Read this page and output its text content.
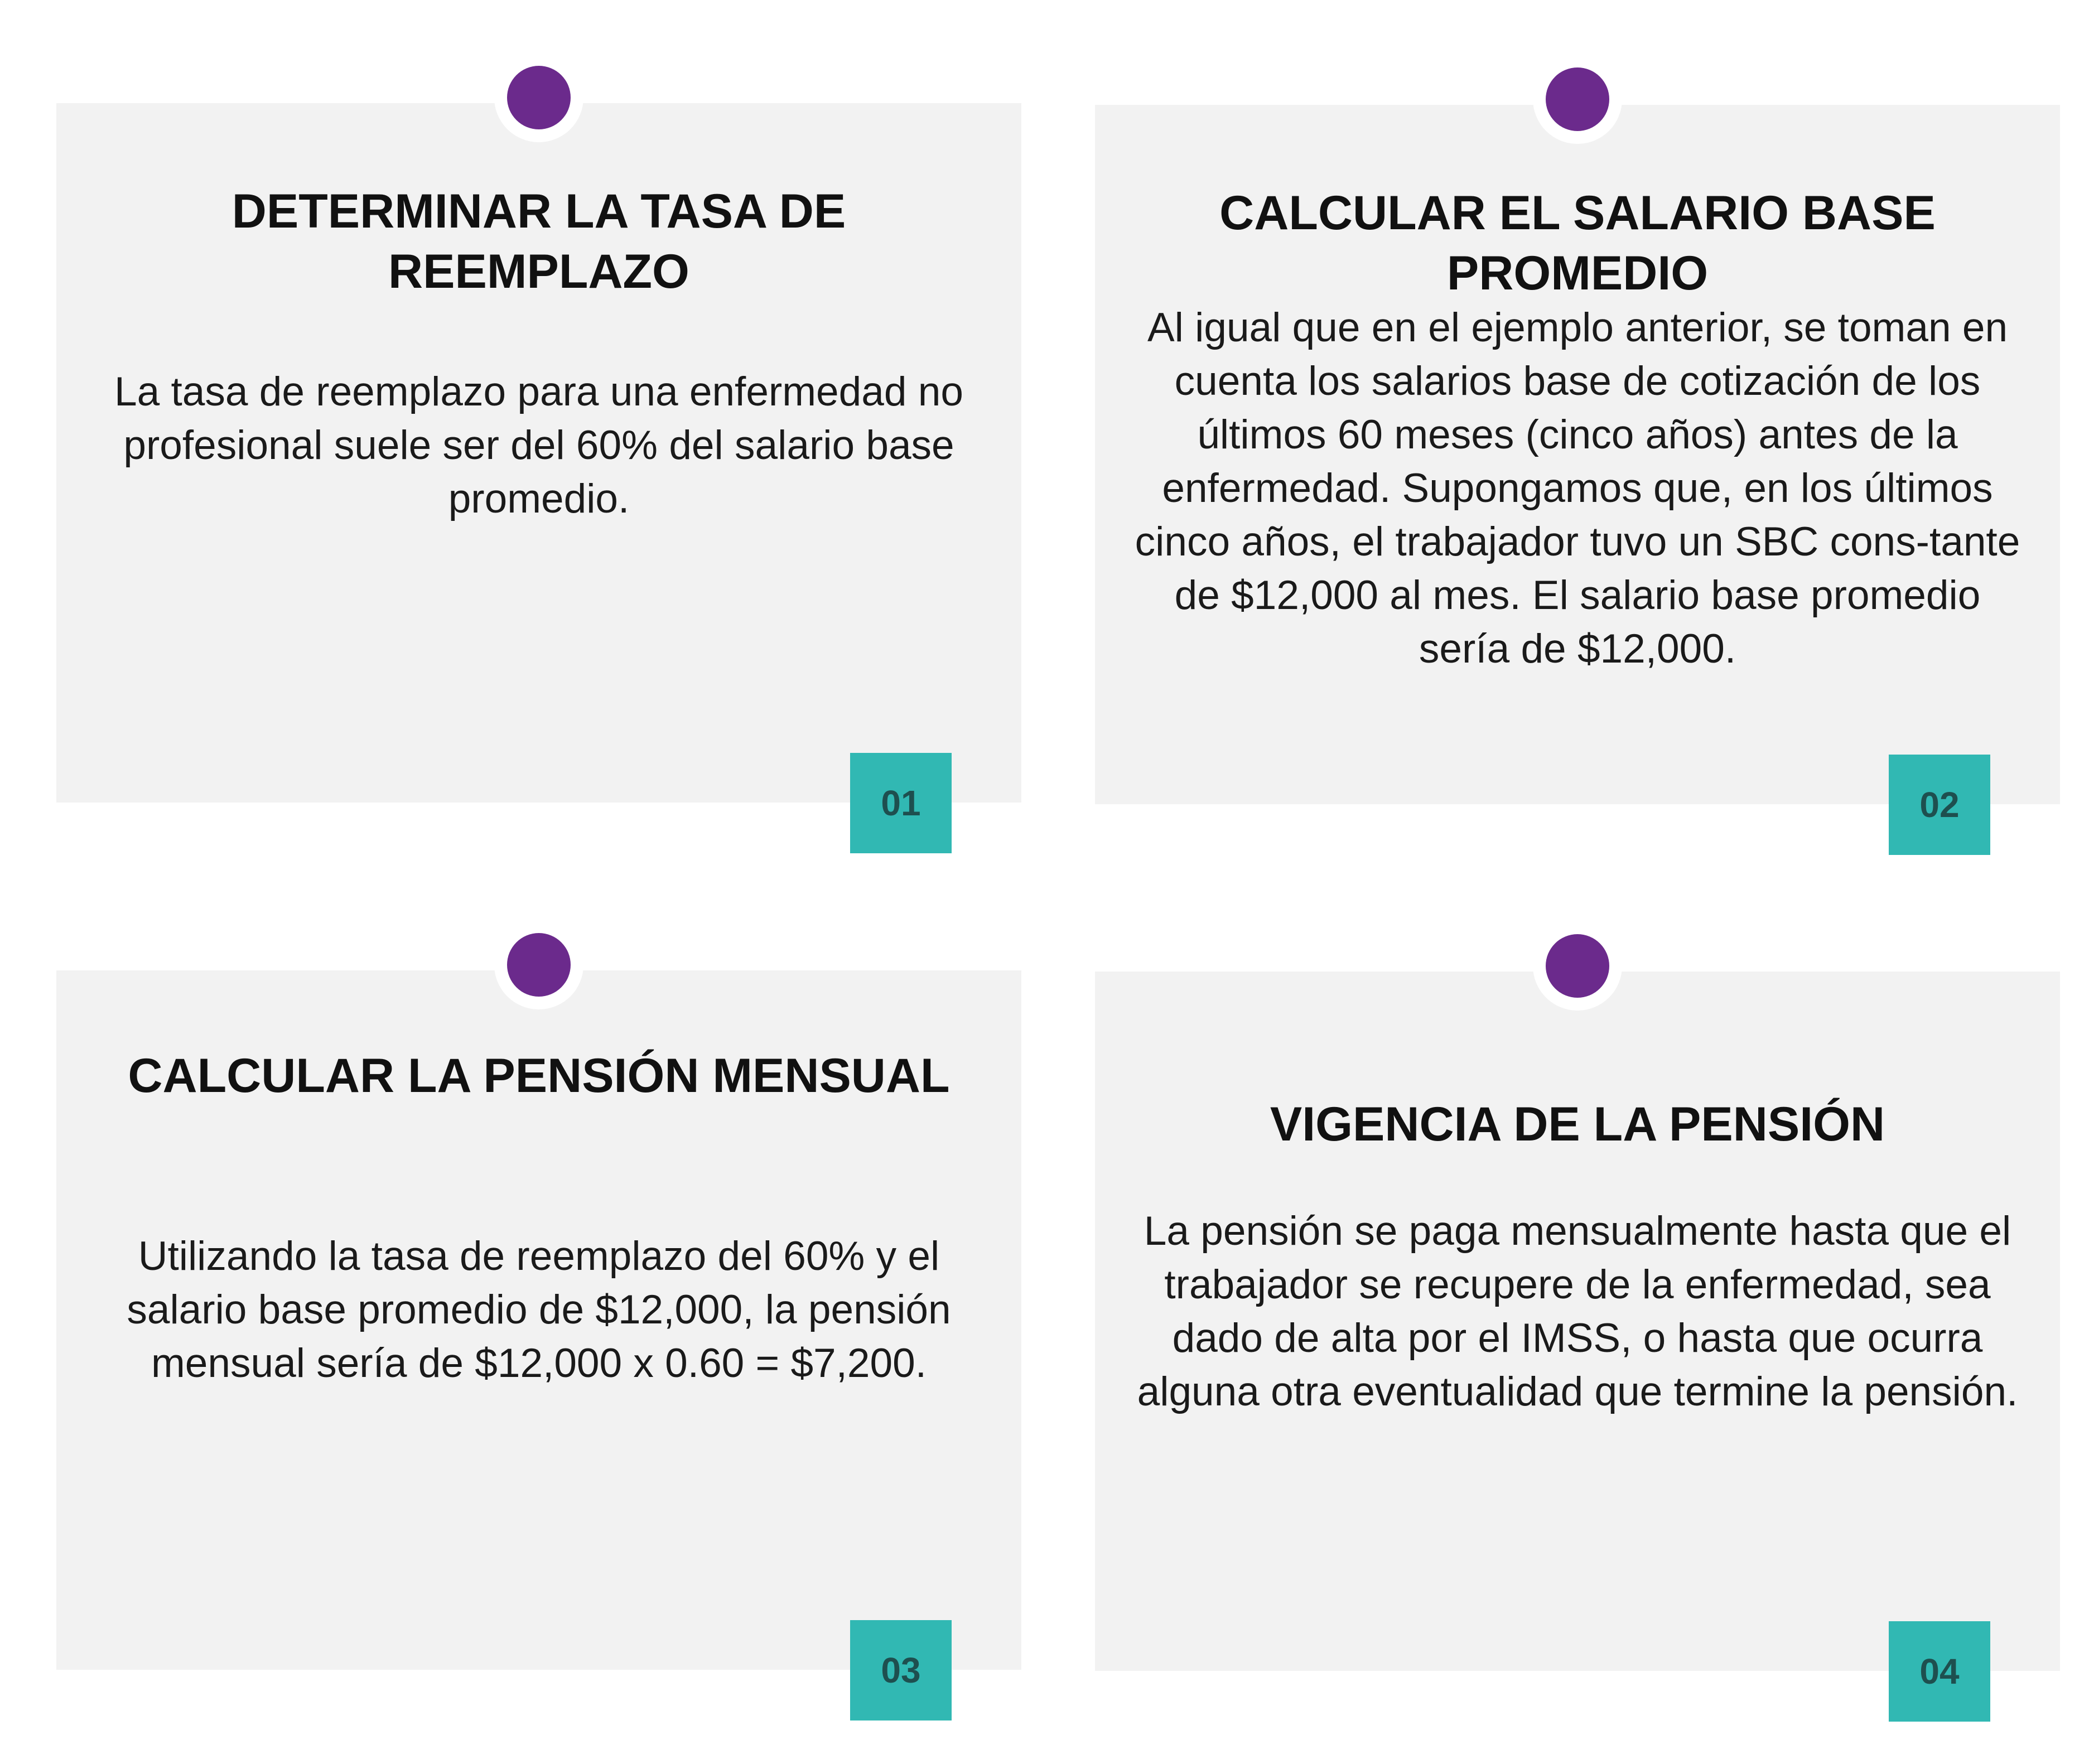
DETERMINAR LA TASA DE REEMPLAZO
La tasa de reemplazo para una enfermedad no profesional suele ser del 60% del salario base promedio.
01
CALCULAR EL SALARIO BASE PROMEDIO
Al igual que en el ejemplo anterior, se toman en cuenta los salarios base de cotización de los últimos 60 meses (cinco años) antes de la enfermedad. Supongamos que, en los últimos cinco años, el trabajador tuvo un SBC cons-tante de $12,000 al mes. El salario base promedio sería de $12,000.
02
CALCULAR LA PENSIÓN MENSUAL
Utilizando la tasa de reemplazo del 60% y el salario base promedio de $12,000, la pensión mensual sería de $12,000 x 0.60 = $7,200.
03
VIGENCIA DE LA PENSIÓN
La pensión se paga mensualmente hasta que el trabajador se recupere de la enfermedad, sea dado de alta por el IMSS, o hasta que ocurra alguna otra eventualidad que termine la pensión.
04
